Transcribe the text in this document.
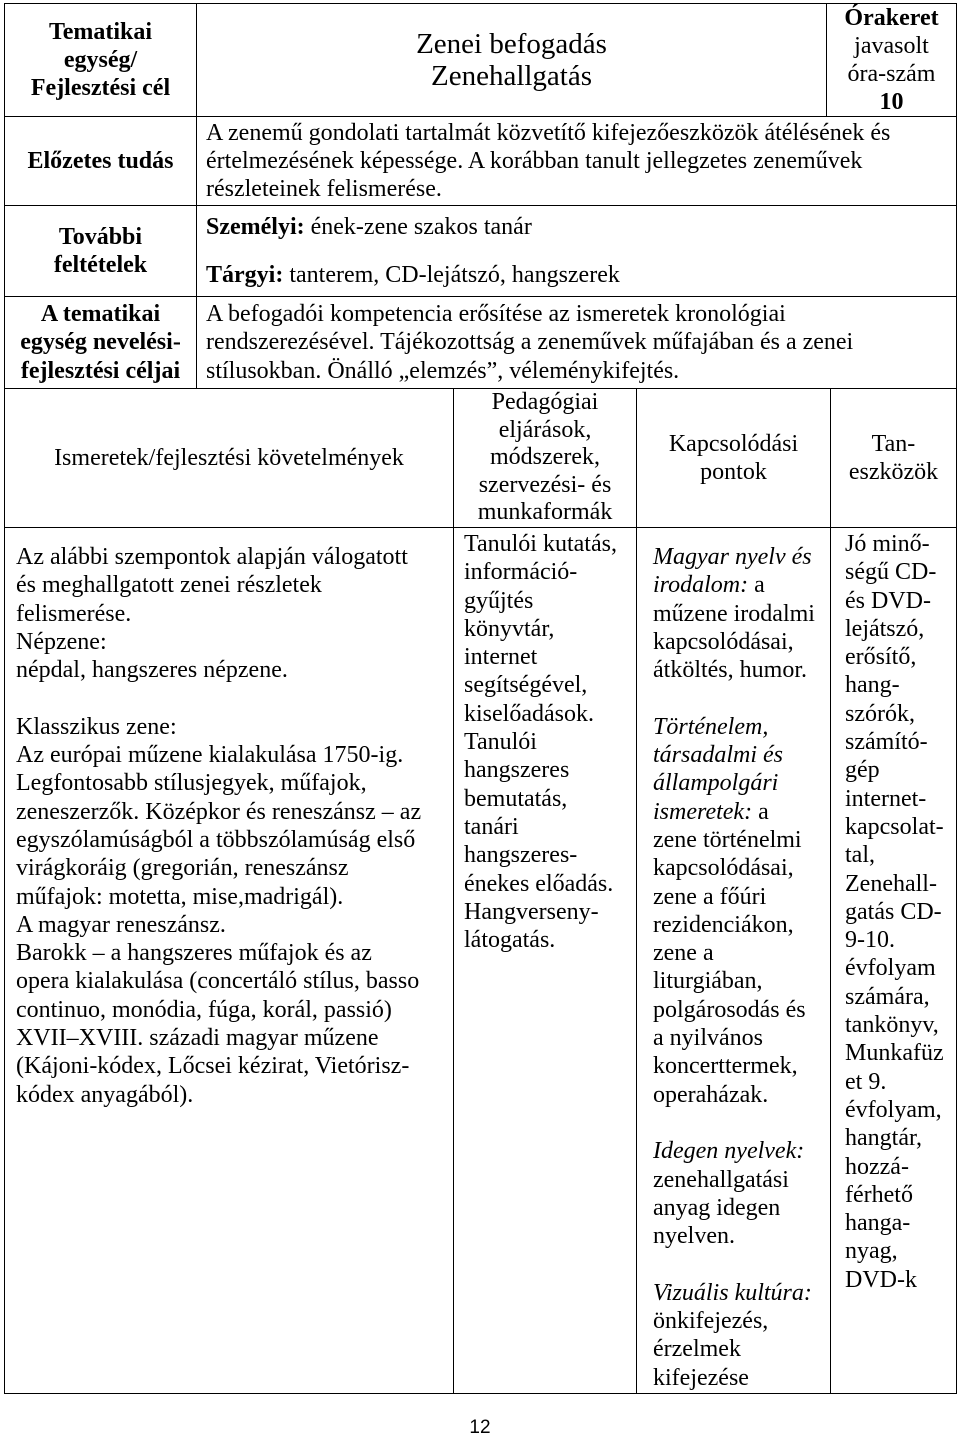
Tematikai
egység/
Fejlesztési cél
Zenei befogadás
Zenehallgatás
Órakeret
javasolt
óra-szám
10
Előzetes tudás
A zenemű gondolati tartalmát közvetítő kifejezőeszközök átélésének és
értelmezésének képessége. A korábban tanult jellegzetes zeneművek
részleteinek felismerése.
További
feltételek
Személyi: ének-zene szakos tanár
Tárgyi: tanterem, CD-lejátszó, hangszerek
A tematikai
egység nevelési-
fejlesztési céljai
A befogadói kompetencia erősítése az ismeretek kronológiai
rendszerezésével. Tájékozottság a zeneművek műfajában és a zenei
stílusokban. Önálló „elemzés”, véleménykifejtés.
Ismeretek/fejlesztési követelmények
Pedagógiai
eljárások,
módszerek,
szervezési- és
munkaformák
Kapcsolódási
pontok
Tan-
eszközök
Az alábbi szempontok alapján válogatott
és meghallgatott zenei részletek
felismerése.
Népzene:
népdal, hangszeres népzene.
Klasszikus zene:
Az európai műzene kialakulása 1750-ig.
Legfontosabb stílusjegyek, műfajok,
zeneszerzők. Középkor és reneszánsz – az
egyszólamúságból a többszólamúság első
virágkoráig (gregorián, reneszánsz
műfajok: motetta, mise,madrigál).
A magyar reneszánsz.
Barokk – a hangszeres műfajok és az
opera kialakulása (concertáló stílus, basso
continuo, monódia, fúga, korál, passió)
XVII–XVIII. századi magyar műzene
(Kájoni-kódex, Lőcsei kézirat, Vietórisz-
kódex anyagából).
Tanulói kutatás,
információ-
gyűjtés
könyvtár,
internet
segítségével,
kiselőadások.
Tanulói
hangszeres
bemutatás,
tanári
hangszeres-
énekes előadás.
Hangverseny-
látogatás.
Magyar nyelv és
irodalom: a
műzene irodalmi
kapcsolódásai,
átköltés, humor.
Történelem,
társadalmi és
állampolgári
ismeretek: a
zene történelmi
kapcsolódásai,
zene a főúri
rezidenciákon,
zene a
liturgiában,
polgárosodás és
a nyilvános
koncerttermek,
operaházak.
Idegen nyelvek:
zenehallgatási
anyag idegen
nyelven.
Vizuális kultúra:
önkifejezés,
érzelmek
kifejezése
Jó minő-
ségű CD-
és DVD-
lejátszó,
erősítő,
hang-
szórók,
számító-
gép
internet-
kapcsolat-
tal,
Zenehall-
gatás CD-
9-10.
évfolyam
számára,
tankönyv,
Munkafüz
et 9.
évfolyam,
hangtár,
hozzá-
férhető
hanga-
nyag,
DVD-k
12
